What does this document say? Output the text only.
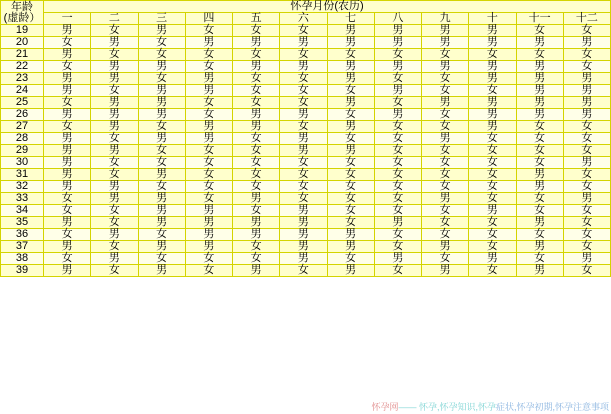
年龄
(虚龄）	怀孕月份(农历)											
	一	二	三	四	五	六	七	八	九	十	十一	十二
19	男	女	男	女	女	女	男	男	男	男	女	女
20	女	男	女	男	男	男	男	男	男	男	男	男
21	男	女	女	女	女	女	女	女	女	女	女	女
22	女	男	男	女	男	男	男	男	男	男	男	女
23	男	男	女	男	女	女	男	女	女	男	男	男
24	男	女	男	男	女	女	女	男	女	女	男	男
25	女	男	男	女	女	女	男	女	男	男	男	男
26	男	男	男	女	男	男	女	男	女	男	男	男
27	女	男	女	男	男	女	男	女	女	男	女	女
28	男	女	男	男	女	男	女	女	男	女	女	女
29	男	男	女	女	女	男	男	女	女	女	女	女
30	男	女	女	女	女	女	女	女	女	女	女	男
31	男	女	男	女	女	女	女	女	女	女	男	女
32	男	男	女	女	女	女	女	女	女	女	男	女
33	女	男	男	女	男	女	女	女	男	女	女	男
34	女	女	男	男	女	男	女	女	女	男	女	女
35	男	女	男	男	男	男	女	男	女	女	男	女
36	女	男	女	男	男	男	男	女	女	女	女	女
37	男	女	男	男	女	男	男	女	男	女	男	女
38	女	男	女	女	女	男	女	男	女	男	女	男
39	男	女	男	女	男	女	男	女	男	女	男	女
怀孕网—— 怀孕,怀孕知识,怀孕症状,怀孕初期,怀孕注意事项
